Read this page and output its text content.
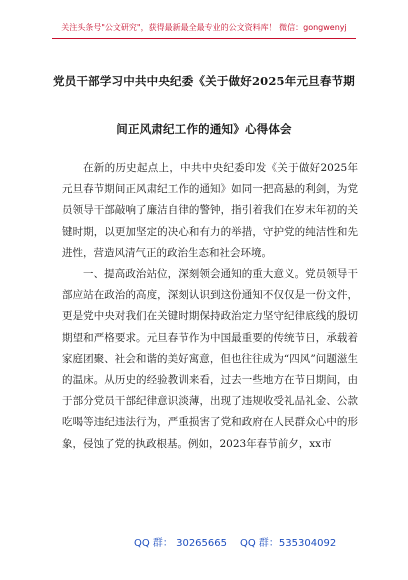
关注头条号"公文研究"，获得最新最全最专业的公文资料库！ 微信：gongwenyj
党员干部学习中共中央纪委《关于做好2025年元旦春节期
间正风肃纪工作的通知》心得体会

在新的历史起点上，中共中央纪委印发《关于做好2025年元旦春节期间正风肃纪工作的通知》如同一把高悬的利剑，为党员领导干部敲响了廉洁自律的警钟，指引着我们在岁末年初的关键时期，以更加坚定的决心和有力的举措，守护党的纯洁性和先进性，营造风清气正的政治生态和社会环境。

一、提高政治站位，深刻领会通知的重大意义。党员领导干部应站在政治的高度，深刻认识到这份通知不仅仅是一份文件，更是党中央对我们在关键时期保持政治定力坚守纪律底线的殷切期望和严格要求。元旦春节作为中国最重要的传统节日，承载着家庭团聚、社会和谐的美好寓意，但也往往成为“四风”问题滋生的温床。从历史的经验教训来看，过去一些地方在节日期间，由于部分党员干部纪律意识淡薄，出现了违规收受礼品礼金、公款吃喝等违纪违法行为，严重损害了党和政府在人民群众心中的形象，侵蚀了党的执政根基。例如，2023年春节前夕，xx市

QQ 群： 30265665 QQ 群：535304092
